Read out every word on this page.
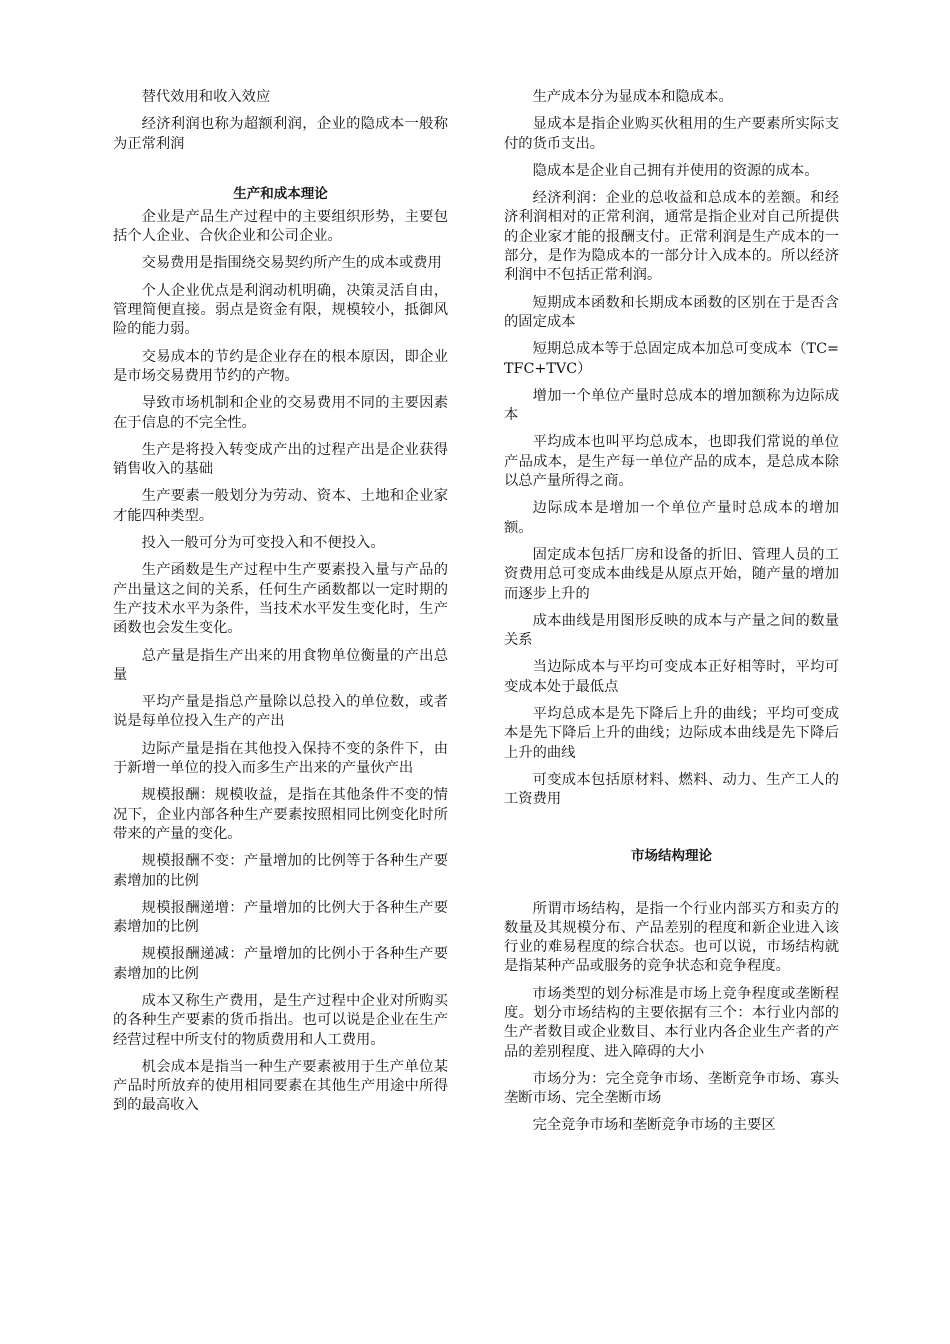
替代效用和收入效应

经济利润也称为超额利润，企业的隐成本一般称为正常利润

生产和成本理论

企业是产品生产过程中的主要组织形势，主要包括个人企业、合伙企业和公司企业。

交易费用是指围绕交易契约所产生的成本或费用

个人企业优点是利润动机明确，决策灵活自由，管理简便直接。弱点是资金有限，规模较小，抵御风险的能力弱。

交易成本的节约是企业存在的根本原因，即企业是市场交易费用节约的产物。

导致市场机制和企业的交易费用不同的主要因素在于信息的不完全性。

生产是将投入转变成产出的过程产出是企业获得销售收入的基础

生产要素一般划分为劳动、资本、土地和企业家才能四种类型。

投入一般可分为可变投入和不便投入。

生产函数是生产过程中生产要素投入量与产品的产出量这之间的关系，任何生产函数都以一定时期的生产技术水平为条件，当技术水平发生变化时，生产函数也会发生变化。

总产量是指生产出来的用食物单位衡量的产出总量

平均产量是指总产量除以总投入的单位数，或者说是每单位投入生产的产出

边际产量是指在其他投入保持不变的条件下，由于新增一单位的投入而多生产出来的产量伙产出

规模报酬：规模收益，是指在其他条件不变的情况下，企业内部各种生产要素按照相同比例变化时所带来的产量的变化。

规模报酬不变：产量增加的比例等于各种生产要素增加的比例

规模报酬递增：产量增加的比例大于各种生产要素增加的比例

规模报酬递减：产量增加的比例小于各种生产要素增加的比例

成本又称生产费用，是生产过程中企业对所购买的各种生产要素的货币指出。也可以说是企业在生产经营过程中所支付的物质费用和人工费用。

机会成本是指当一种生产要素被用于生产单位某产品时所放弃的使用相同要素在其他生产用途中所得到的最高收入

生产成本分为显成本和隐成本。

显成本是指企业购买伙租用的生产要素所实际支付的货币支出。

隐成本是企业自己拥有并使用的资源的成本。

经济利润：企业的总收益和总成本的差额。和经济利润相对的正常利润，通常是指企业对自己所提供的企业家才能的报酬支付。正常利润是生产成本的一部分，是作为隐成本的一部分计入成本的。所以经济利润中不包括正常利润。

短期成本函数和长期成本函数的区别在于是否含的固定成本

短期总成本等于总固定成本加总可变成本（TC=TFC+TVC）

增加一个单位产量时总成本的增加额称为边际成本

平均成本也叫平均总成本，也即我们常说的单位产品成本，是生产每一单位产品的成本，是总成本除以总产量所得之商。

边际成本是增加一个单位产量时总成本的增加额。

固定成本包括厂房和设备的折旧、管理人员的工资费用总可变成本曲线是从原点开始，随产量的增加而逐步上升的

成本曲线是用图形反映的成本与产量之间的数量关系

当边际成本与平均可变成本正好相等时，平均可变成本处于最低点

平均总成本是先下降后上升的曲线；平均可变成本是先下降后上升的曲线；边际成本曲线是先下降后上升的曲线

可变成本包括原材料、燃料、动力、生产工人的工资费用

市场结构理论

所谓市场结构，是指一个行业内部买方和卖方的数量及其规模分布、产品差别的程度和新企业进入该行业的难易程度的综合状态。也可以说，市场结构就是指某种产品或服务的竞争状态和竞争程度。

市场类型的划分标准是市场上竞争程度或垄断程度。划分市场结构的主要依据有三个：本行业内部的生产者数目或企业数目、本行业内各企业生产者的产品的差别程度、进入障碍的大小

市场分为：完全竞争市场、垄断竞争市场、寡头垄断市场、完全垄断市场

完全竞争市场和垄断竞争市场的主要区
